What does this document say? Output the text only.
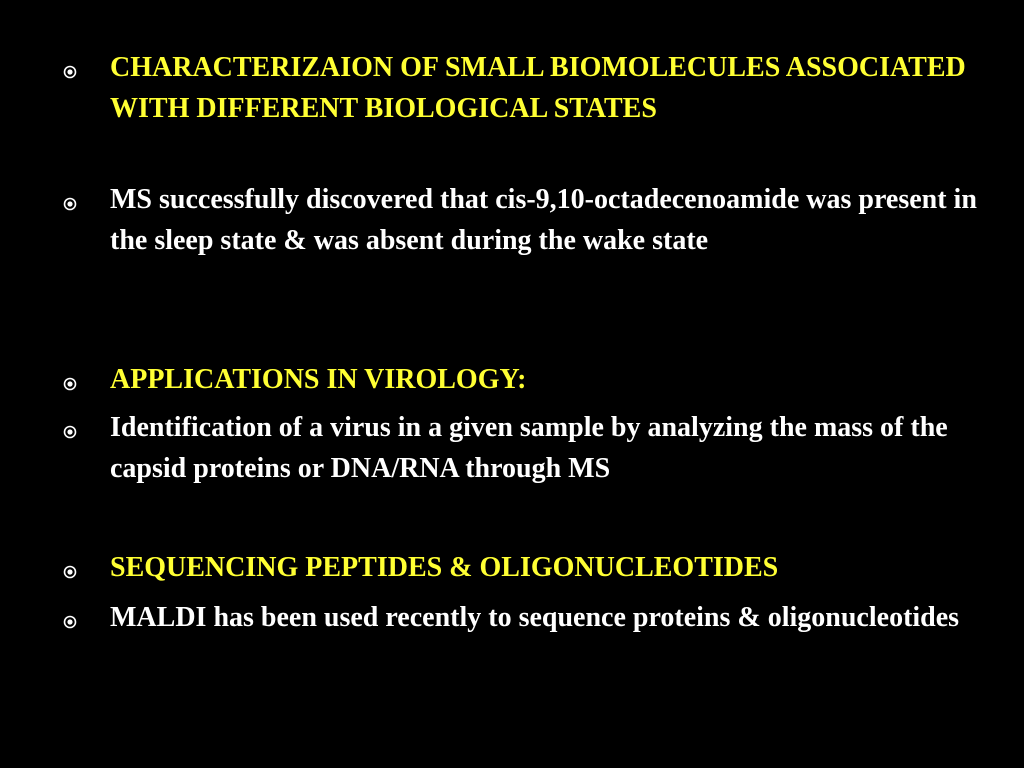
CHARACTERIZAION OF SMALL BIOMOLECULES ASSOCIATED WITH DIFFERENT BIOLOGICAL STATES
MS successfully discovered that cis-9,10-octadecenoamide was present in the sleep state & was absent during the wake state
APPLICATIONS IN VIROLOGY:
Identification of a virus in a given sample by analyzing the mass of the capsid proteins or DNA/RNA through MS
SEQUENCING PEPTIDES & OLIGONUCLEOTIDES
MALDI has been used recently to sequence proteins & oligonucleotides
